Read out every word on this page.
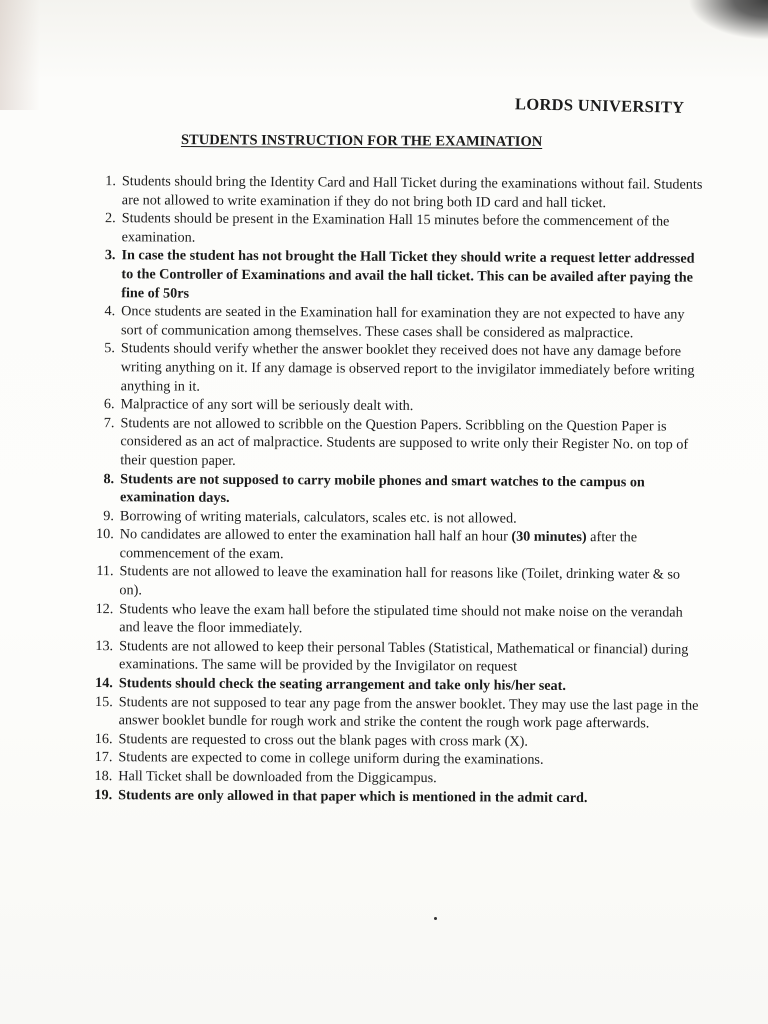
LORDS UNIVERSITY
STUDENTS INSTRUCTION FOR THE EXAMINATION
1. Students should bring the Identity Card and Hall Ticket during the examinations without fail. Students are not allowed to write examination if they do not bring both ID card and hall ticket.
2. Students should be present in the Examination Hall 15 minutes before the commencement of the examination.
3. In case the student has not brought the Hall Ticket they should write a request letter addressed to the Controller of Examinations and avail the hall ticket. This can be availed after paying the fine of 50rs
4. Once students are seated in the Examination hall for examination they are not expected to have any sort of communication among themselves. These cases shall be considered as malpractice.
5. Students should verify whether the answer booklet they received does not have any damage before writing anything on it. If any damage is observed report to the invigilator immediately before writing anything in it.
6. Malpractice of any sort will be seriously dealt with.
7. Students are not allowed to scribble on the Question Papers. Scribbling on the Question Paper is considered as an act of malpractice. Students are supposed to write only their Register No. on top of their question paper.
8. Students are not supposed to carry mobile phones and smart watches to the campus on examination days.
9. Borrowing of writing materials, calculators, scales etc. is not allowed.
10. No candidates are allowed to enter the examination hall half an hour (30 minutes) after the commencement of the exam.
11. Students are not allowed to leave the examination hall for reasons like (Toilet, drinking water & so on).
12. Students who leave the exam hall before the stipulated time should not make noise on the verandah and leave the floor immediately.
13. Students are not allowed to keep their personal Tables (Statistical, Mathematical or financial) during examinations. The same will be provided by the Invigilator on request
14. Students should check the seating arrangement and take only his/her seat.
15. Students are not supposed to tear any page from the answer booklet. They may use the last page in the answer booklet bundle for rough work and strike the content the rough work page afterwards.
16. Students are requested to cross out the blank pages with cross mark (X).
17. Students are expected to come in college uniform during the examinations.
18. Hall Ticket shall be downloaded from the Diggicampus.
19. Students are only allowed in that paper which is mentioned in the admit card.
